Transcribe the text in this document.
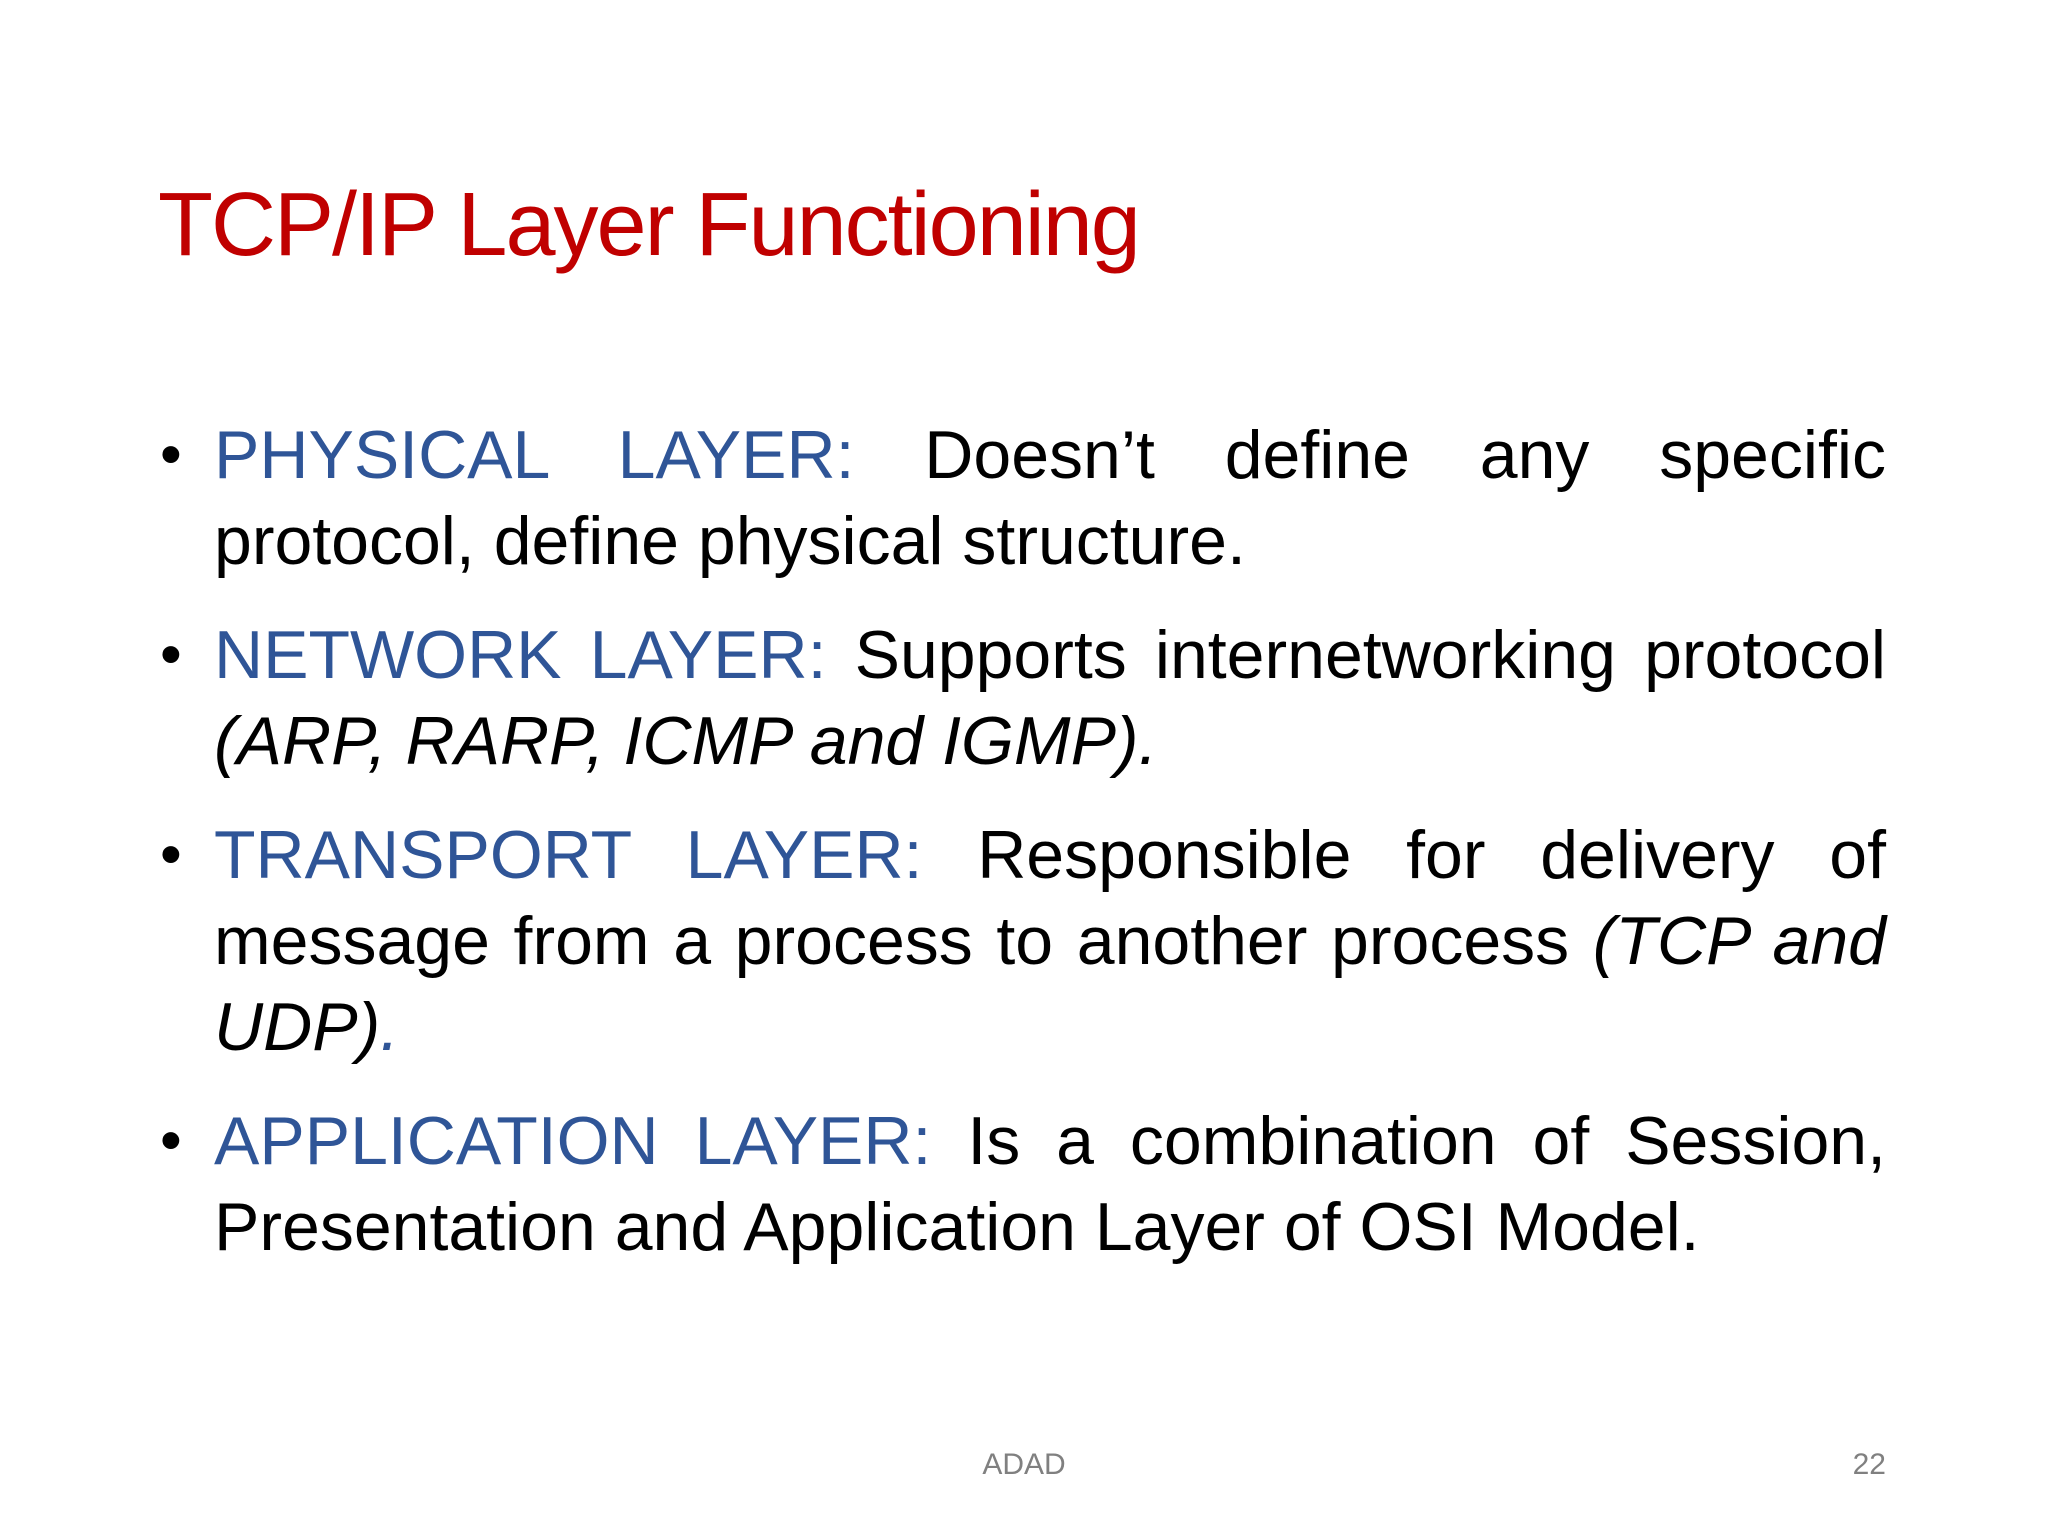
TCP/IP Layer Functioning
• PHYSICAL LAYER: Doesn’t define any specific protocol, define physical structure.
• NETWORK LAYER: Supports internetworking protocol (ARP, RARP, ICMP and IGMP).
• TRANSPORT LAYER: Responsible for delivery of message from a process to another process (TCP and UDP).
• APPLICATION LAYER: Is a combination of Session, Presentation and Application Layer of OSI Model.
ADAD	22
